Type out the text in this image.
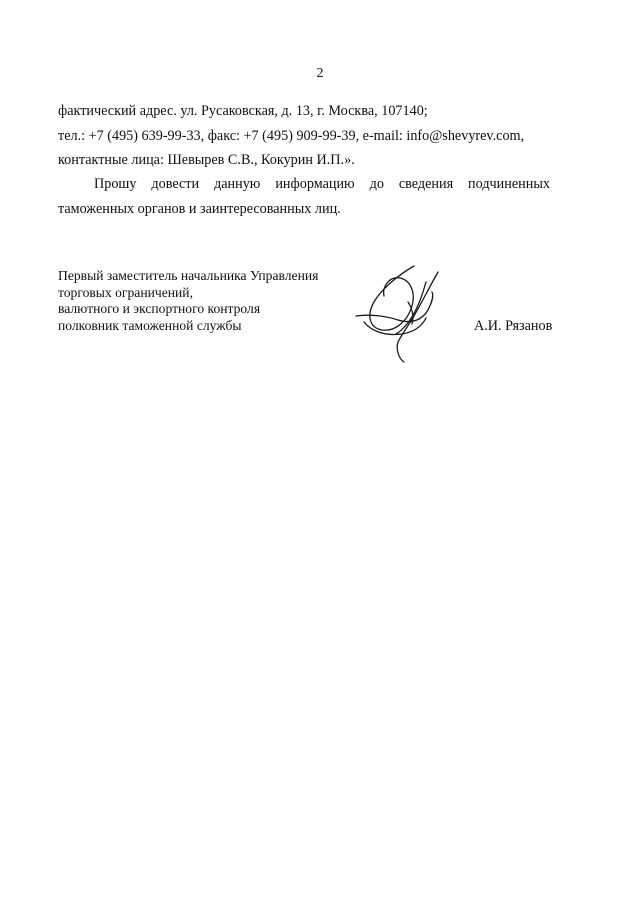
2
фактический адрес. ул. Русаковская, д. 13, г. Москва, 107140;
тел.: +7 (495) 639-99-33, факс: +7 (495) 909-99-39, e-mail: info@shevyrev.com,
контактные лица: Шевырев С.В., Кокурин И.П.».
Прошу довести данную информацию до сведения подчиненных
таможенных органов и заинтересованных лиц.
Первый заместитель начальника Управления
торговых ограничений,
валютного и экспортного контроля
полковник таможенной службы	А.И. Рязанов
